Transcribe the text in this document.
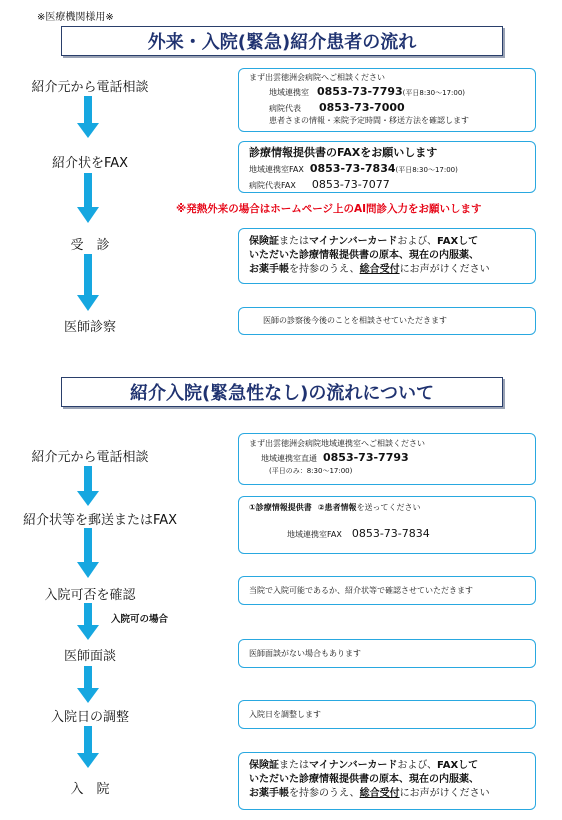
※医療機関様用※
外来・入院(緊急)紹介患者の流れ
紹介元から電話相談
紹介状をFAX
受　診
医師診察
まず出雲徳洲会病院へご相談ください
地域連携室 0853-73-7793(平日8:30～17:00)
病院代表 0853-73-7000
患者さまの情報・来院予定時間・移送方法を確認します
診療情報提供書のFAXをお願いします
地域連携室FAX 0853-73-7834(平日8:30～17:00)
病院代表FAX 0853-73-7077
※発熱外来の場合はホームページ上のAI問診入力をお願いします
保険証またはマイナンバーカードおよび、FAXして
いただいた診療情報提供書の原本、現在の内服薬、
お薬手帳を持参のうえ、総合受付にお声がけください
医師の診察後今後のことを相談させていただきます
紹介入院(緊急性なし)の流れについて
紹介元から電話相談
紹介状等を郵送またはFAX
入院可否を確認
入院可の場合
医師面談
入院日の調整
入　院
まず出雲徳洲会病院地域連携室へご相談ください
地域連携室直通 0853-73-7793
(平日のみ：8:30～17:00)
①診療情報提供書 ②患者情報を送ってください
地域連携室FAX 0853-73-7834
当院で入院可能であるか、紹介状等で確認させていただきます
医師面談がない場合もあります
入院日を調整します
保険証またはマイナンバーカードおよび、FAXして
いただいた診療情報提供書の原本、現在の内服薬、
お薬手帳を持参のうえ、総合受付にお声がけください
